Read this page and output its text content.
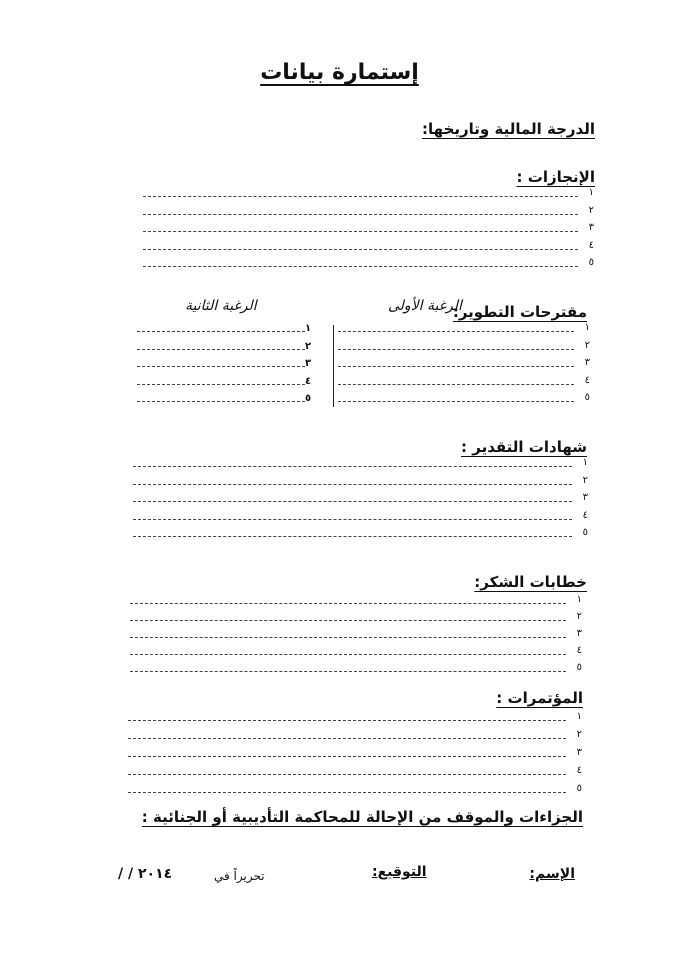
إستمارة بيانات
الدرجة المالية وتاريخها:
الإنجازات :
١
٢
٣
٤
٥
مقترحات التطوير:
الرغبة الأولى
الرغبة الثانية
١
١
٢
٢
٣
٣
٤
٤
٥
٥
شهادات التقدير :
١
٢
٣
٤
٥
خطابات الشكر:
١
٢
٣
٤
٥
المؤتمرات :
١
٢
٣
٤
٥
الجزاءات والموقف من الإحالة للمحاكمة التأديبية أو الجنائية :
الإسم:
التوقيع:
تحريراً في
/ / ٢٠١٤
